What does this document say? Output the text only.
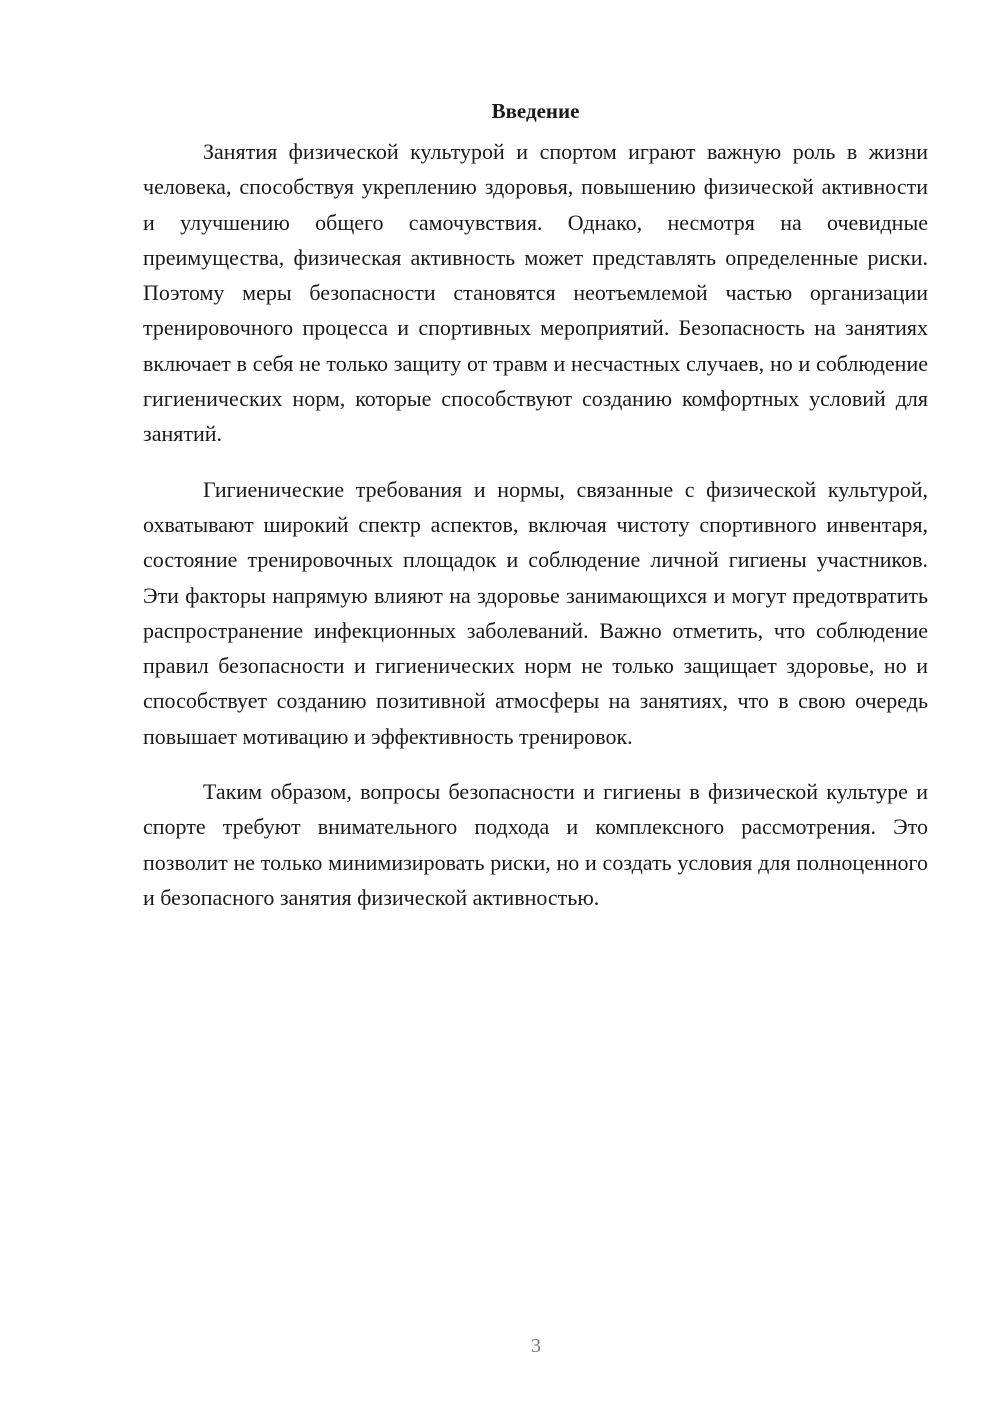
Введение

Занятия физической культурой и спортом играют важную роль в жизни человека, способствуя укреплению здоровья, повышению физической активности и улучшению общего самочувствия. Однако, несмотря на очевидные преимущества, физическая активность может представлять определенные риски. Поэтому меры безопасности становятся неотъемлемой частью организации тренировочного процесса и спортивных мероприятий. Безопасность на занятиях включает в себя не только защиту от травм и несчастных случаев, но и соблюдение гигиенических норм, которые способствуют созданию комфортных условий для занятий.

Гигиенические требования и нормы, связанные с физической культурой, охватывают широкий спектр аспектов, включая чистоту спортивного инвентаря, состояние тренировочных площадок и соблюдение личной гигиены участников. Эти факторы напрямую влияют на здоровье занимающихся и могут предотвратить распространение инфекционных заболеваний. Важно отметить, что соблюдение правил безопасности и гигиенических норм не только защищает здоровье, но и способствует созданию позитивной атмосферы на занятиях, что в свою очередь повышает мотивацию и эффективность тренировок.

Таким образом, вопросы безопасности и гигиены в физической культуре и спорте требуют внимательного подхода и комплексного рассмотрения. Это позволит не только минимизировать риски, но и создать условия для полноценного и безопасного занятия физической активностью.

3
